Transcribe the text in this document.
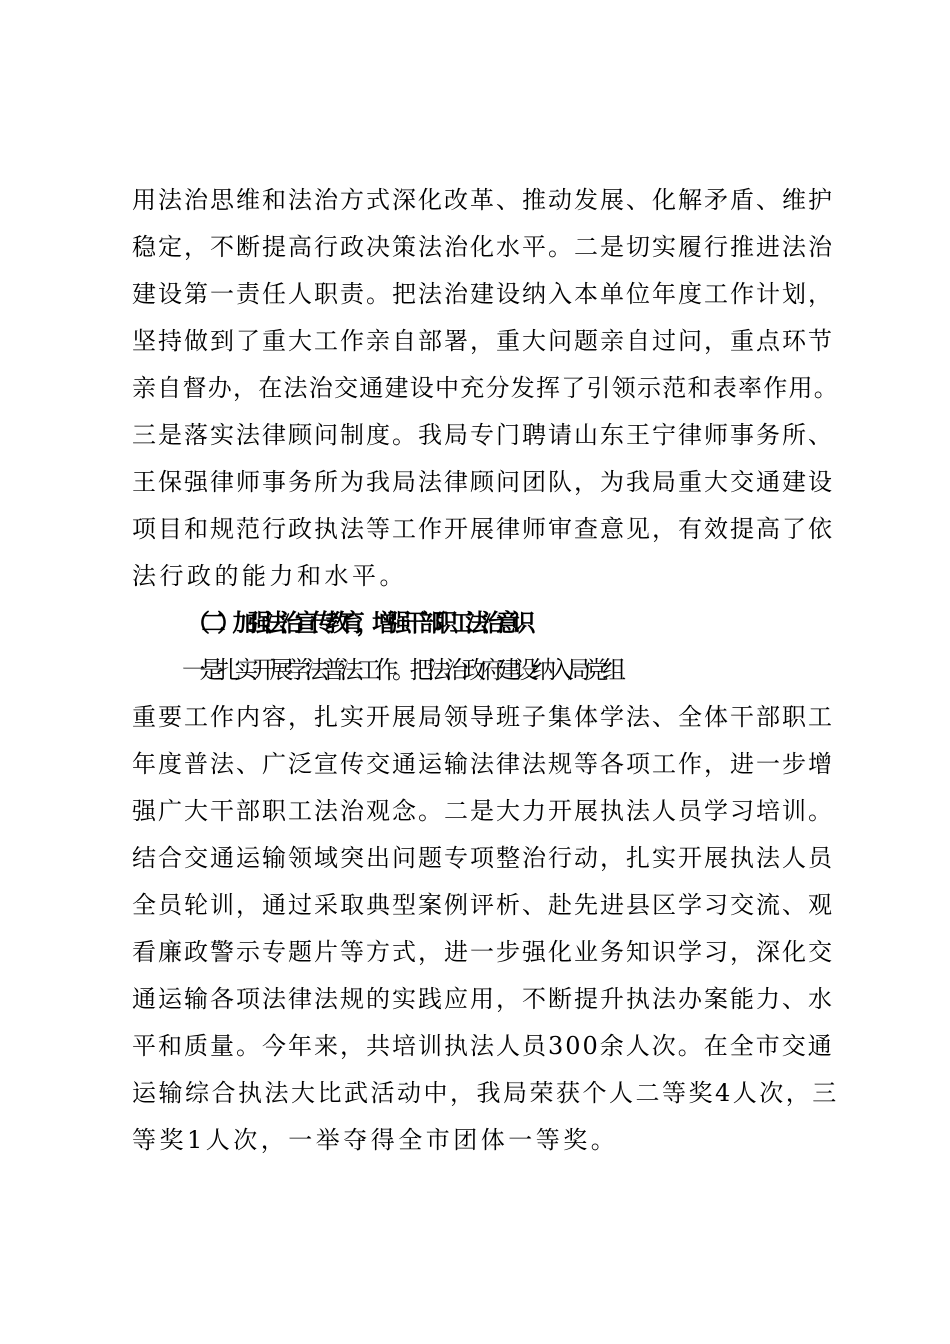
用法治思维和法治方式深化改革、推动发展、化解矛盾、维护
稳定，不断提高行政决策法治化水平。二是切实履行推进法治
建设第一责任人职责。把法治建设纳入本单位年度工作计划，
坚持做到了重大工作亲自部署，重大问题亲自过问，重点环节
亲自督办，在法治交通建设中充分发挥了引领示范和表率作用。
三是落实法律顾问制度。我局专门聘请山东王宁律师事务所、
王保强律师事务所为我局法律顾问团队，为我局重大交通建设
项目和规范行政执法等工作开展律师审查意见，有效提高了依
法行政的能力和水平。
（二）加强法治宣传教育，增强干部职工法治意识
一是扎实开展学法普法工作。把法治政府建设纳入局党组
重要工作内容，扎实开展局领导班子集体学法、全体干部职工
年度普法、广泛宣传交通运输法律法规等各项工作，进一步增
强广大干部职工法治观念。二是大力开展执法人员学习培训。
结合交通运输领域突出问题专项整治行动，扎实开展执法人员
全员轮训，通过采取典型案例评析、赴先进县区学习交流、观
看廉政警示专题片等方式，进一步强化业务知识学习，深化交
通运输各项法律法规的实践应用，不断提升执法办案能力、水
平和质量。今年来，共培训执法人员300余人次。在全市交通
运输综合执法大比武活动中，我局荣获个人二等奖4人次，三
等奖1人次，一举夺得全市团体一等奖。
